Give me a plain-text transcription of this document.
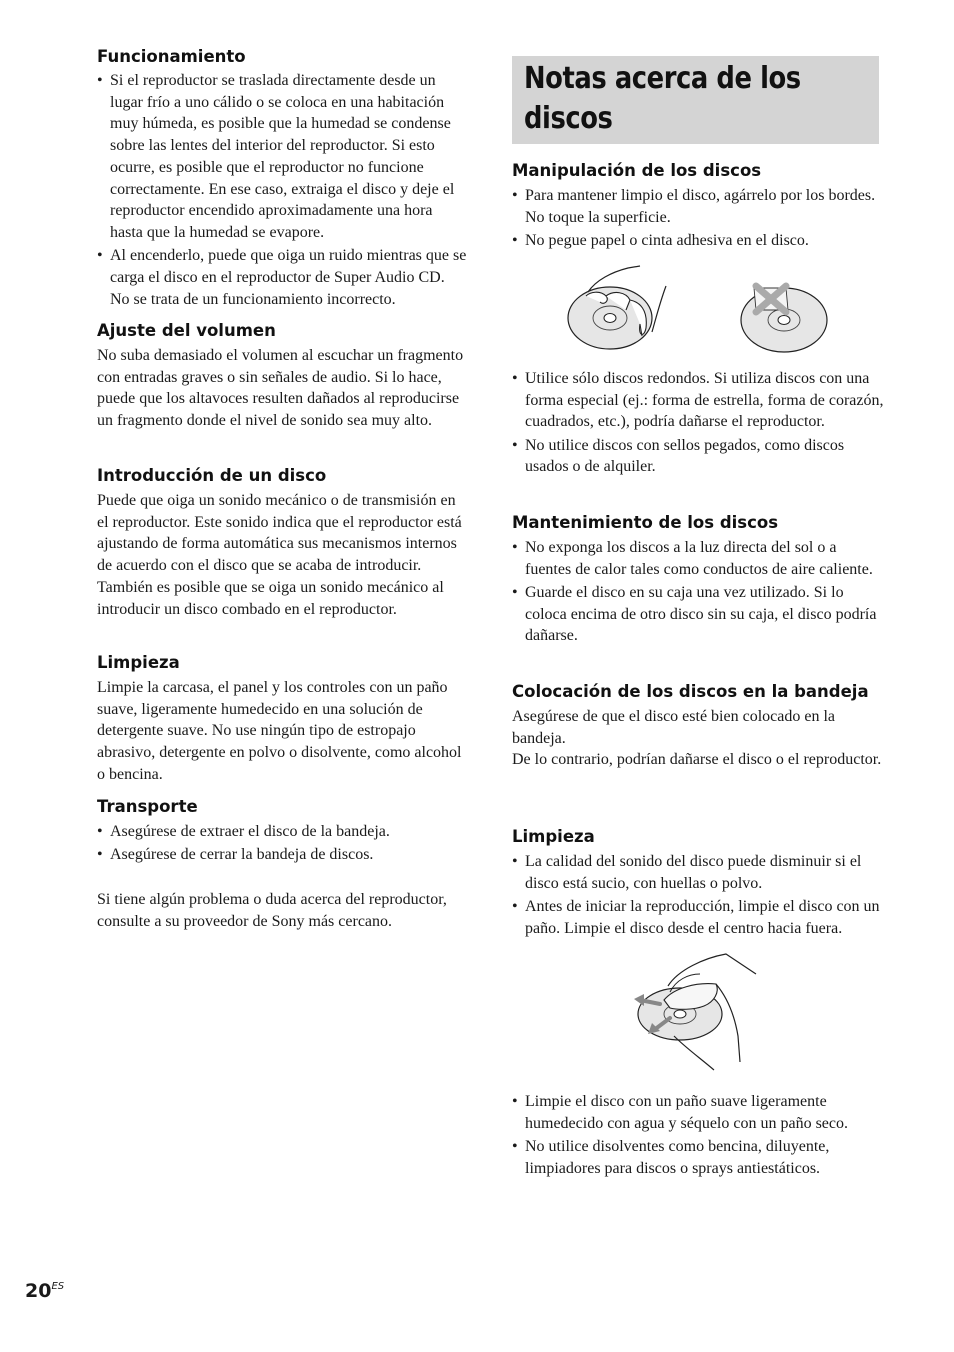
Funcionamiento
• Si el reproductor se traslada directamente desde un lugar frío a uno cálido o se coloca en una habitación muy húmeda, es posible que la humedad se condense sobre las lentes del interior del reproductor. Si esto ocurre, es posible que el reproductor no funcione correctamente. En ese caso, extraiga el disco y deje el reproductor encendido aproximadamente una hora hasta que la humedad se evapore.
• Al encenderlo, puede que oiga un ruido mientras que se carga el disco en el reproductor de Super Audio CD. No se trata de un funcionamiento incorrecto.
Ajuste del volumen

No suba demasiado el volumen al escuchar un fragmento con entradas graves o sin señales de audio. Si lo hace, puede que los altavoces resulten dañados al reproducirse un fragmento donde el nivel de sonido sea muy alto.

Introducción de un disco

Puede que oiga un sonido mecánico o de transmisión en el reproductor. Este sonido indica que el reproductor está ajustando de forma automática sus mecanismos internos de acuerdo con el disco que se acaba de introducir. También es posible que se oiga un sonido mecánico al introducir un disco combado en el reproductor.

Limpieza

Limpie la carcasa, el panel y los controles con un paño suave, ligeramente humedecido en una solución de detergente suave. No use ningún tipo de estropajo abrasivo, detergente en polvo o disolvente, como alcohol o bencina.

Transporte
• Asegúrese de extraer el disco de la bandeja.
• Asegúrese de cerrar la bandeja de discos.

Si tiene algún problema o duda acerca del reproductor, consulte a su proveedor de Sony más cercano.

Notas acerca de los discos
Manipulación de los discos
• Para mantener limpio el disco, agárrelo por los bordes. No toque la superficie.
• No pegue papel o cinta adhesiva en el disco.
• Utilice sólo discos redondos. Si utiliza discos con una forma especial (ej.: forma de estrella, forma de corazón, cuadrados, etc.), podría dañarse el reproductor.
• No utilice discos con sellos pegados, como discos usados o de alquiler.
Mantenimiento de los discos
• No exponga los discos a la luz directa del sol o a fuentes de calor tales como conductos de aire caliente.
• Guarde el disco en su caja una vez utilizado. Si lo coloca encima de otro disco sin su caja, el disco podría dañarse.
Colocación de los discos en la bandeja

Asegúrese de que el disco esté bien colocado en la bandeja.

De lo contrario, podrían dañarse el disco o el reproductor.

Limpieza
• La calidad del sonido del disco puede disminuir si el disco está sucio, con huellas o polvo.
• Antes de iniciar la reproducción, limpie el disco con un paño. Limpie el disco desde el centro hacia fuera.
• Limpie el disco con un paño suave ligeramente humedecido con agua y séquelo con un paño seco.
• No utilice disolventes como bencina, diluyente, limpiadores para discos o sprays antiestáticos.
$20^{ES}$
